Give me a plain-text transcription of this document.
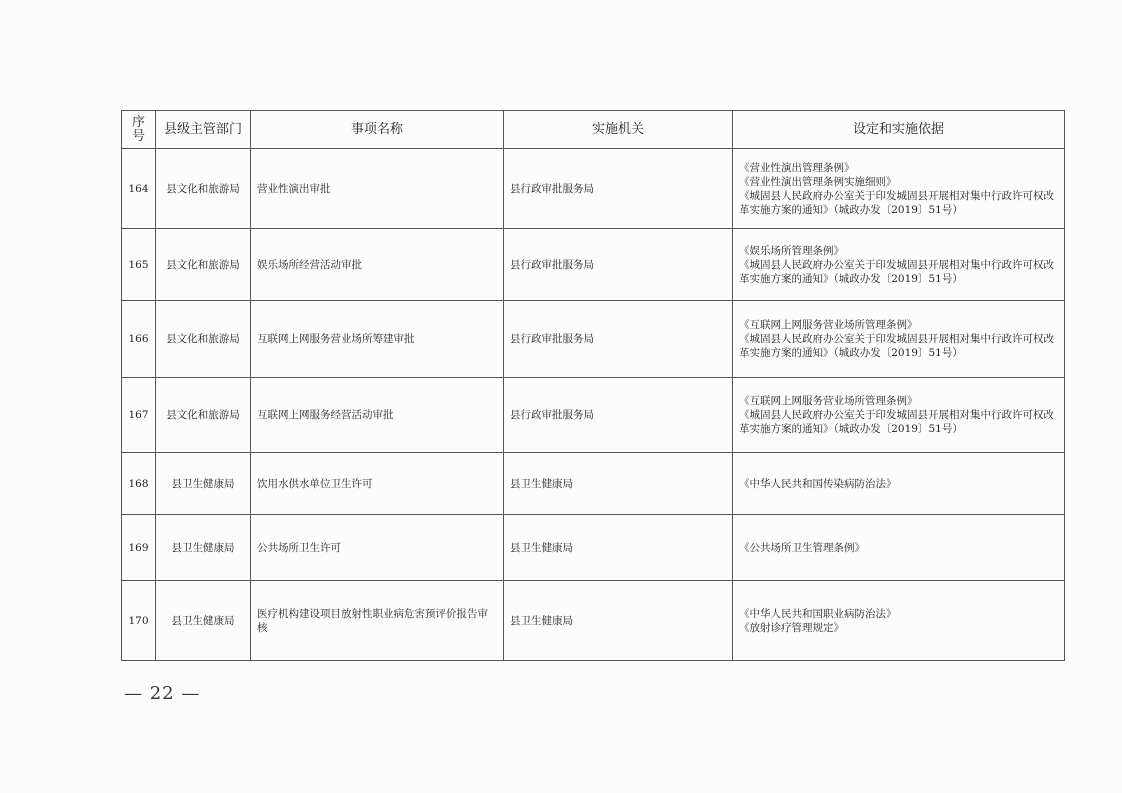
序
号	县级主管部门	事项名称	实施机关	设定和实施依据
164	县文化和旅游局	营业性演出审批	县行政审批服务局	《营业性演出管理条例》
《营业性演出管理条例实施细则》
《城固县人民政府办公室关于印发城固县开展相对集中行政许可权改革实施方案的通知》（城政办发〔2019〕51号）

165	县文化和旅游局	娱乐场所经营活动审批	县行政审批服务局	《娱乐场所管理条例》
《城固县人民政府办公室关于印发城固县开展相对集中行政许可权改革实施方案的通知》（城政办发〔2019〕51号）

166	县文化和旅游局	互联网上网服务营业场所筹建审批	县行政审批服务局	《互联网上网服务营业场所管理条例》
《城固县人民政府办公室关于印发城固县开展相对集中行政许可权改革实施方案的通知》（城政办发〔2019〕51号）

167	县文化和旅游局	互联网上网服务经营活动审批	县行政审批服务局	《互联网上网服务营业场所管理条例》
《城固县人民政府办公室关于印发城固县开展相对集中行政许可权改革实施方案的通知》（城政办发〔2019〕51号）

168	县卫生健康局	饮用水供水单位卫生许可	县卫生健康局	《中华人民共和国传染病防治法》

169	县卫生健康局	公共场所卫生许可	县卫生健康局	《公共场所卫生管理条例》

170	县卫生健康局	医疗机构建设项目放射性职业病危害预评价报告审核	县卫生健康局	《中华人民共和国职业病防治法》
《放射诊疗管理规定》
— 22 —
